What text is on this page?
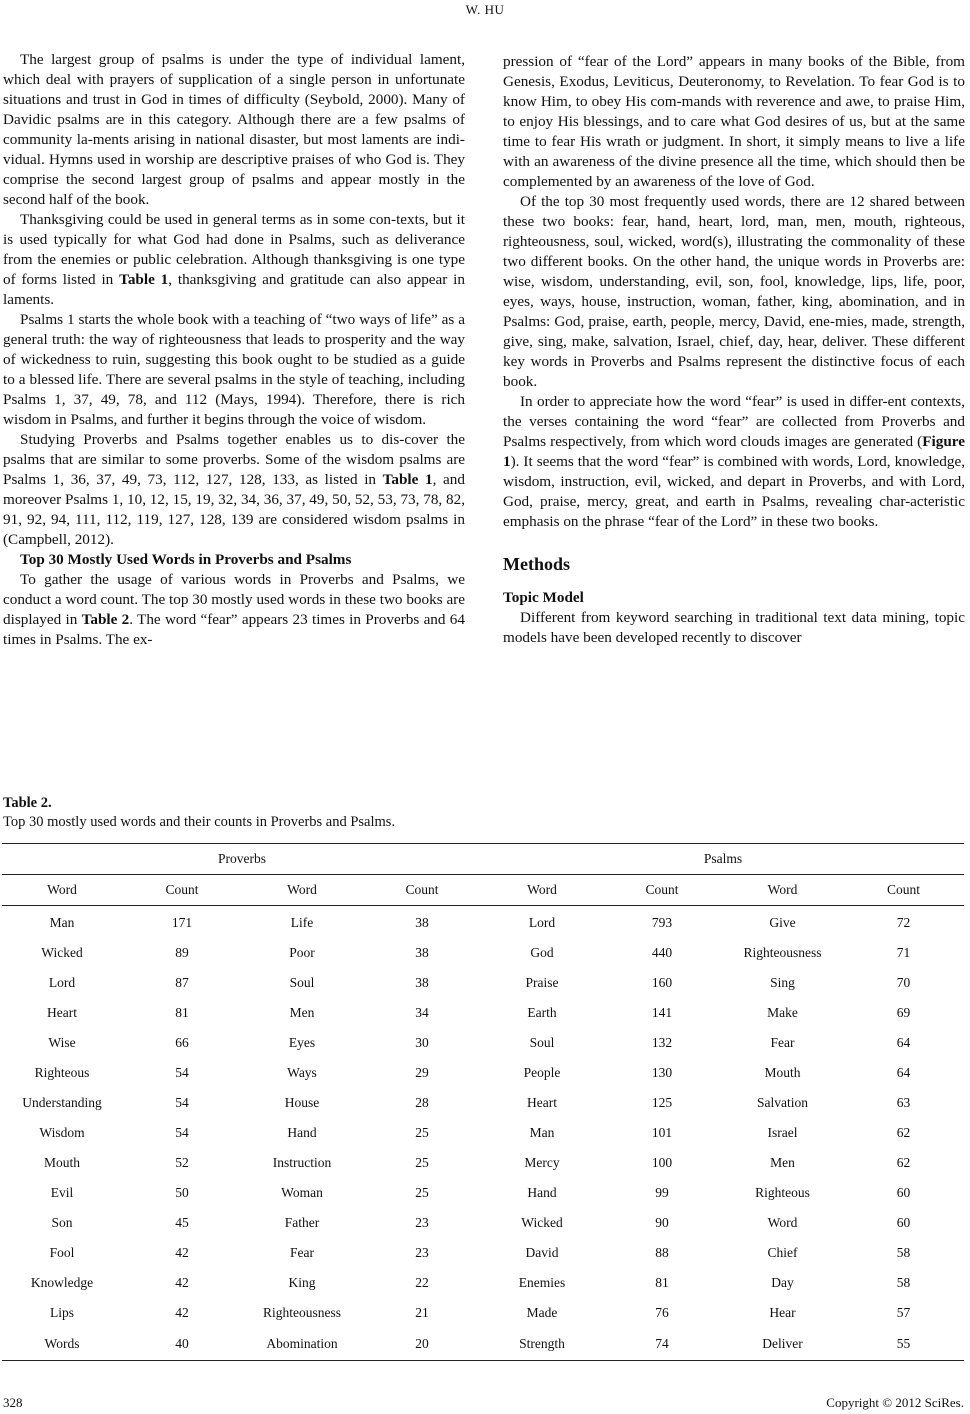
W. HU

The largest group of psalms is under the type of individual lament, which deal with prayers of supplication of a single person in unfortunate situations and trust in God in times of difficulty (Seybold, 2000). Many of Davidic psalms are in this category. Although there are a few psalms of community la-ments arising in national disaster, but most laments are indi-vidual. Hymns used in worship are descriptive praises of who God is. They comprise the second largest group of psalms and appear mostly in the second half of the book.

Thanksgiving could be used in general terms as in some con-texts, but it is used typically for what God had done in Psalms, such as deliverance from the enemies or public celebration. Although thanksgiving is one type of forms listed in Table 1, thanksgiving and gratitude can also appear in laments.

Psalms 1 starts the whole book with a teaching of “two ways of life” as a general truth: the way of righteousness that leads to prosperity and the way of wickedness to ruin, suggesting this book ought to be studied as a guide to a blessed life. There are several psalms in the style of teaching, including Psalms 1, 37, 49, 78, and 112 (Mays, 1994). Therefore, there is rich wisdom in Psalms, and further it begins through the voice of wisdom.

Studying Proverbs and Psalms together enables us to dis-cover the psalms that are similar to some proverbs. Some of the wisdom psalms are Psalms 1, 36, 37, 49, 73, 112, 127, 128, 133, as listed in Table 1, and moreover Psalms 1, 10, 12, 15, 19, 32, 34, 36, 37, 49, 50, 52, 53, 73, 78, 82, 91, 92, 94, 111, 112, 119, 127, 128, 139 are considered wisdom psalms in (Campbell, 2012).

Top 30 Mostly Used Words in Proverbs and Psalms

To gather the usage of various words in Proverbs and Psalms, we conduct a word count. The top 30 mostly used words in these two books are displayed in Table 2. The word “fear” appears 23 times in Proverbs and 64 times in Psalms. The ex-

pression of “fear of the Lord” appears in many books of the Bible, from Genesis, Exodus, Leviticus, Deuteronomy, to Revelation. To fear God is to know Him, to obey His com-mands with reverence and awe, to praise Him, to enjoy His blessings, and to care what God desires of us, but at the same time to fear His wrath or judgment. In short, it simply means to live a life with an awareness of the divine presence all the time, which should then be complemented by an awareness of the love of God.

Of the top 30 most frequently used words, there are 12 shared between these two books: fear, hand, heart, lord, man, men, mouth, righteous, righteousness, soul, wicked, word(s), illustrating the commonality of these two different books. On the other hand, the unique words in Proverbs are: wise, wisdom, understanding, evil, son, fool, knowledge, lips, life, poor, eyes, ways, house, instruction, woman, father, king, abomination, and in Psalms: God, praise, earth, people, mercy, David, ene-mies, made, strength, give, sing, make, salvation, Israel, chief, day, hear, deliver. These different key words in Proverbs and Psalms represent the distinctive focus of each book.

In order to appreciate how the word “fear” is used in differ-ent contexts, the verses containing the word “fear” are collected from Proverbs and Psalms respectively, from which word clouds images are generated (Figure 1). It seems that the word “fear” is combined with words, Lord, knowledge, wisdom, instruction, evil, wicked, and depart in Proverbs, and with Lord, God, praise, mercy, great, and earth in Psalms, revealing char-acteristic emphasis on the phrase “fear of the Lord” in these two books.

Methods
Topic Model

Different from keyword searching in traditional text data mining, topic models have been developed recently to discover

Table 2.
Top 30 mostly used words and their counts in Proverbs and Psalms.
Proverbs				Psalms			
Word	Count	Word	Count	Word	Count	Word	Count
Man	171	Life	38	Lord	793	Give	72
Wicked	89	Poor	38	God	440	Righteousness	71
Lord	87	Soul	38	Praise	160	Sing	70
Heart	81	Men	34	Earth	141	Make	69
Wise	66	Eyes	30	Soul	132	Fear	64
Righteous	54	Ways	29	People	130	Mouth	64
Understanding	54	House	28	Heart	125	Salvation	63
Wisdom	54	Hand	25	Man	101	Israel	62
Mouth	52	Instruction	25	Mercy	100	Men	62
Evil	50	Woman	25	Hand	99	Righteous	60
Son	45	Father	23	Wicked	90	Word	60
Fool	42	Fear	23	David	88	Chief	58
Knowledge	42	King	22	Enemies	81	Day	58
Lips	42	Righteousness	21	Made	76	Hear	57
Words	40	Abomination	20	Strength	74	Deliver	55
328	Copyright © 2012 SciRes.
